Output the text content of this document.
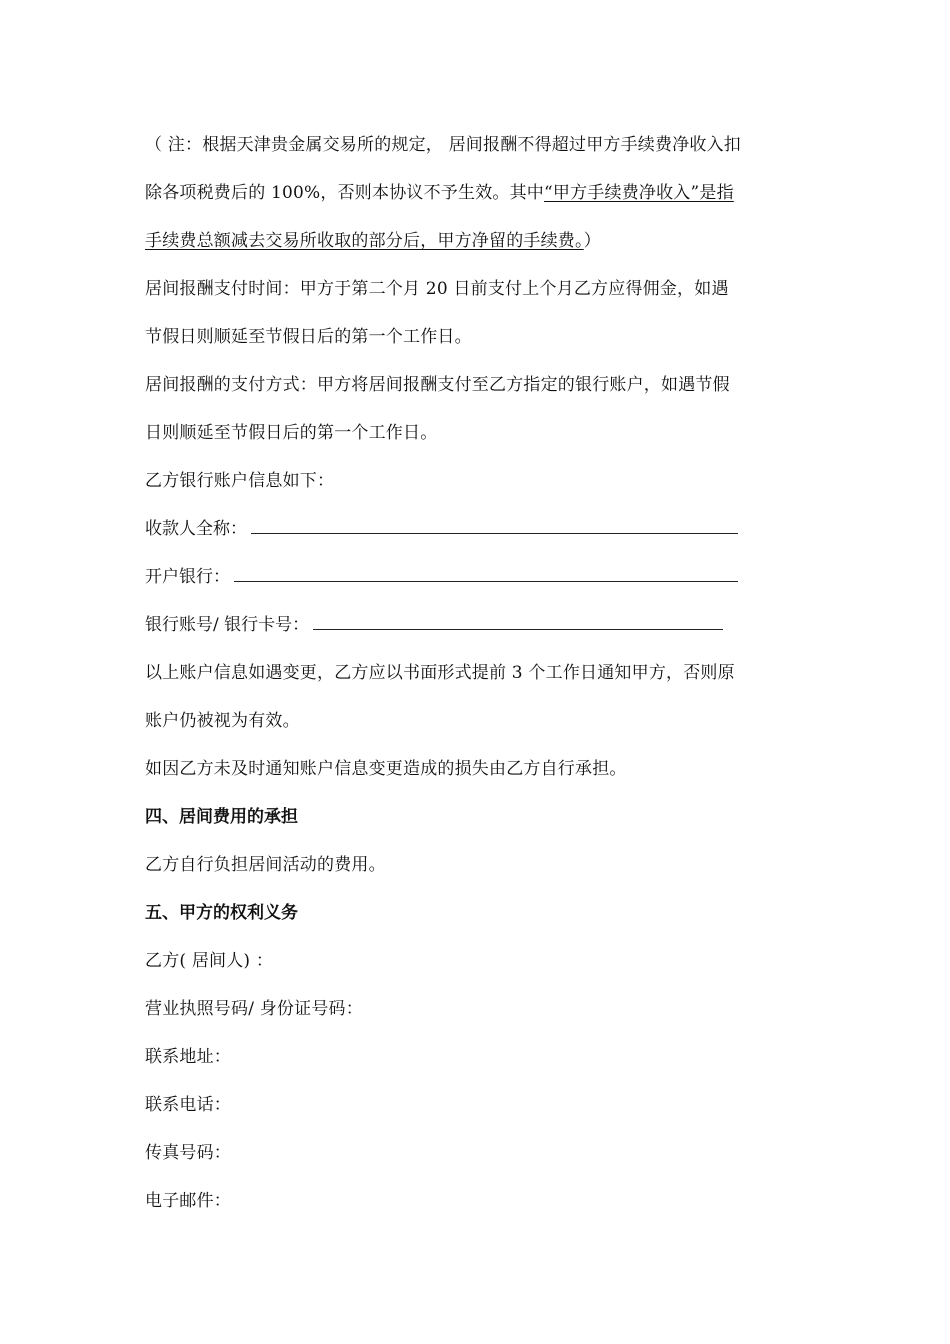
（ 注：根据天津贵金属交易所的规定， 居间报酬不得超过甲方手续费净收入扣
除各项税费后的 100%，否则本协议不予生效。其中“甲方手续费净收入”是指
手续费总额减去交易所收取的部分后，甲方净留的手续费。）
居间报酬支付时间：甲方于第二个月 20 日前支付上个月乙方应得佣金，如遇
节假日则顺延至节假日后的第一个工作日。
居间报酬的支付方式：甲方将居间报酬支付至乙方指定的银行账户，如遇节假
日则顺延至节假日后的第一个工作日。
乙方银行账户信息如下：
收款人全称：
开户银行：
银行账号/ 银行卡号：
以上账户信息如遇变更，乙方应以书面形式提前 3 个工作日通知甲方，否则原
账户仍被视为有效。
如因乙方未及时通知账户信息变更造成的损失由乙方自行承担。
四、居间费用的承担
乙方自行负担居间活动的费用。
五、甲方的权利义务
乙方( 居间人) ：
营业执照号码/ 身份证号码：
联系地址：
联系电话：
传真号码：
电子邮件：
